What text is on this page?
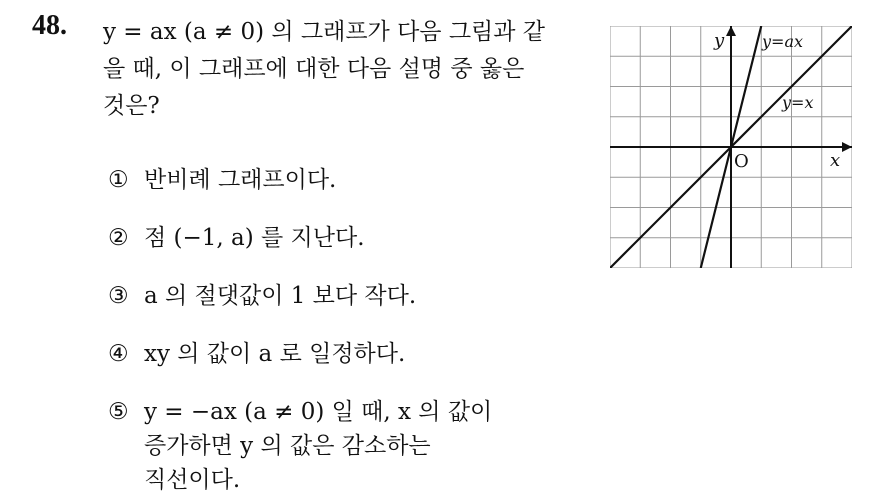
48. y = ax (a ≠ 0) 의 그래프가 다음 그림과 같
을 때, 이 그래프에 대한 다음 설명 중 옳은
것은?
① 반비례 그래프이다.
② 점 (−1, a) 를 지난다.
③ a 의 절댓값이 1 보다 작다.
④ xy 의 값이 a 로 일정하다.
⑤ y = −ax (a ≠ 0) 일 때, x 의 값이
증가하면 y 의 값은 감소하는
직선이다.
y
x
O
y=ax
y=x
